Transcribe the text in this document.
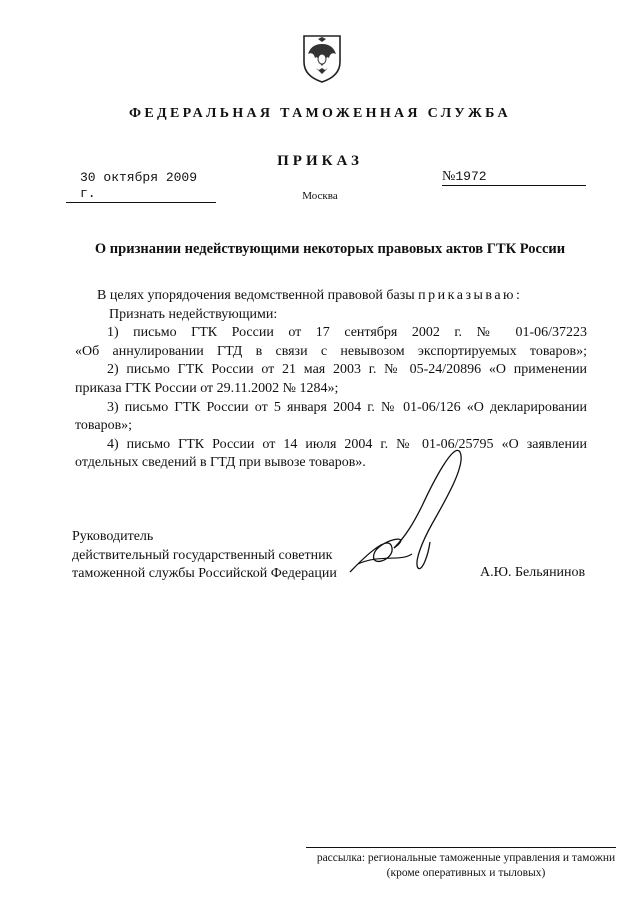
ФЕДЕРАЛЬНАЯ ТАМОЖЕННАЯ СЛУЖБА
ПРИКАЗ
30 октября 2009 г.
№1972
Москва
О признании недействующими некоторых правовых актов ГТК России
В целях упорядочения ведомственной правовой базы приказываю:
Признать недействующими:
1) письмо ГТК России от 17 сентября 2002 г. № 01-06/37223
«Об аннулировании ГТД в связи с невывозом экспортируемых товаров»;
2) письмо ГТК России от 21 мая 2003 г. № 05-24/20896 «О применении
приказа ГТК России от 29.11.2002 № 1284»;
3) письмо ГТК России от 5 января 2004 г. № 01-06/126 «О декларировании
товаров»;
4) письмо ГТК России от 14 июля 2004 г. № 01-06/25795 «О заявлении
отдельных сведений в ГТД при вывозе товаров».
Руководитель
действительный государственный советник
таможенной службы Российской Федерации	А.Ю. Бельянинов
рассылка: региональные таможенные управления и таможни
(кроме оперативных и тыловых)
